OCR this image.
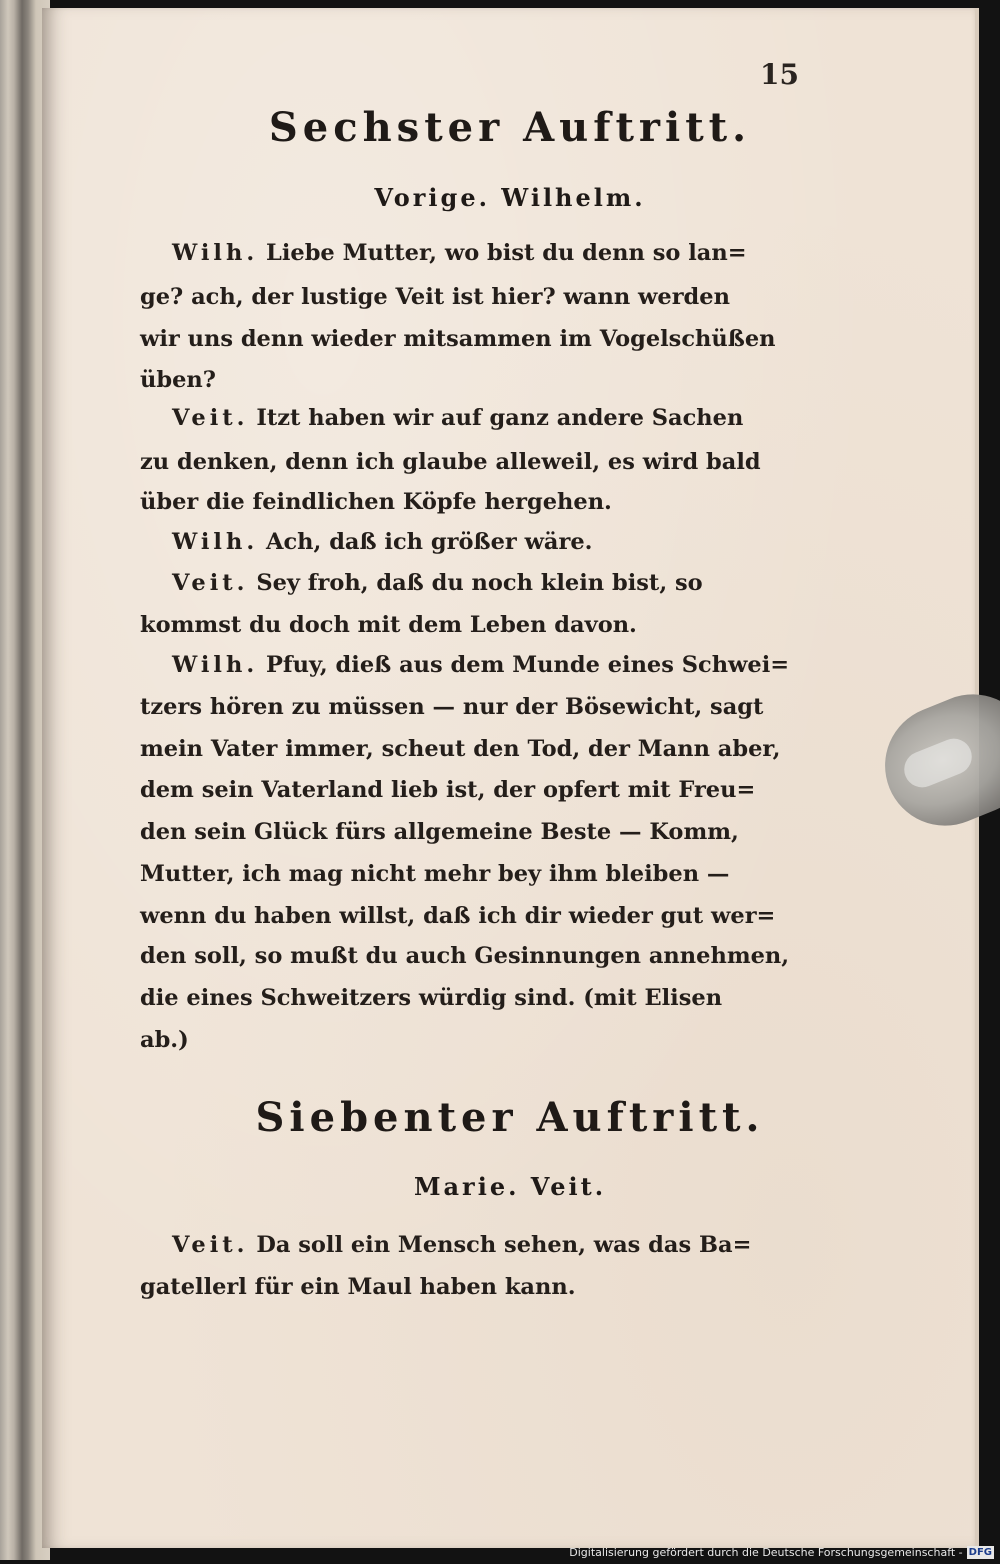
15
Sechster Auftritt.
Vorige. Wilhelm.
Wilh. Liebe Mutter, wo bist du denn so lan=
ge? ach, der lustige Veit ist hier? wann werden
wir uns denn wieder mitsammen im Vogelschüßen
üben?
Veit. Itzt haben wir auf ganz andere Sachen
zu denken, denn ich glaube alleweil, es wird bald
über die feindlichen Köpfe hergehen.
Wilh. Ach, daß ich größer wäre.
Veit. Sey froh, daß du noch klein bist, so
kommst du doch mit dem Leben davon.
Wilh. Pfuy, dieß aus dem Munde eines Schwei=
tzers hören zu müssen — nur der Bösewicht, sagt
mein Vater immer, scheut den Tod, der Mann aber,
dem sein Vaterland lieb ist, der opfert mit Freu=
den sein Glück fürs allgemeine Beste — Komm,
Mutter, ich mag nicht mehr bey ihm bleiben —
wenn du haben willst, daß ich dir wieder gut wer=
den soll, so mußt du auch Gesinnungen annehmen,
die eines Schweitzers würdig sind. (mit Elisen
ab.)
Siebenter Auftritt.
Marie. Veit.
Veit. Da soll ein Mensch sehen, was das Ba=
gatellerl für ein Maul haben kann.
Digitalisierung gefördert durch die Deutsche Forschungsgemeinschaft - DFG
